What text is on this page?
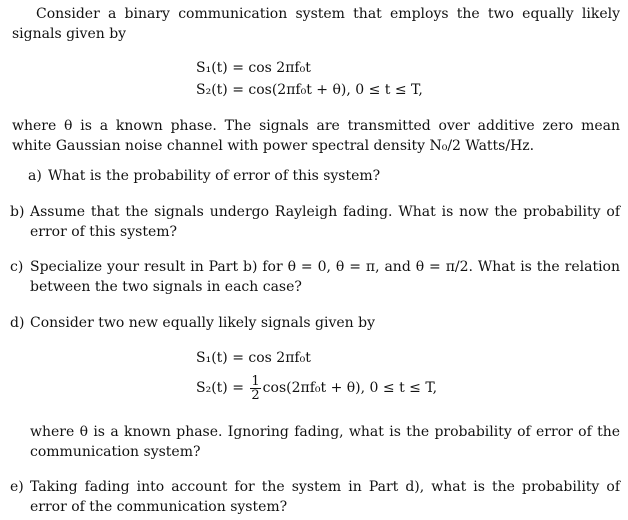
Consider a binary communication system that employs the two equally likely signals given by
S₁(t) = cos 2πf₀t
S₂(t) = cos(2πf₀t + θ), 0 ≤ t ≤ T,
where θ is a known phase. The signals are transmitted over additive zero mean white Gaussian noise channel with power spectral density N₀/2 Watts/Hz.
a) What is the probability of error of this system?
b) Assume that the signals undergo Rayleigh fading. What is now the probability of error of this system?
c) Specialize your result in Part b) for θ = 0, θ = π, and θ = π/2. What is the relation between the two signals in each case?
d) Consider two new equally likely signals given by
S₁(t) = cos 2πf₀t
$S_2(t) = \frac{1}{2} \cos(2\pi f_0t + \theta)$, 0 ≤ t ≤ T,
where θ is a known phase. Ignoring fading, what is the probability of error of the communication system?
e) Taking fading into account for the system in Part d), what is the probability of error of the communication system?
